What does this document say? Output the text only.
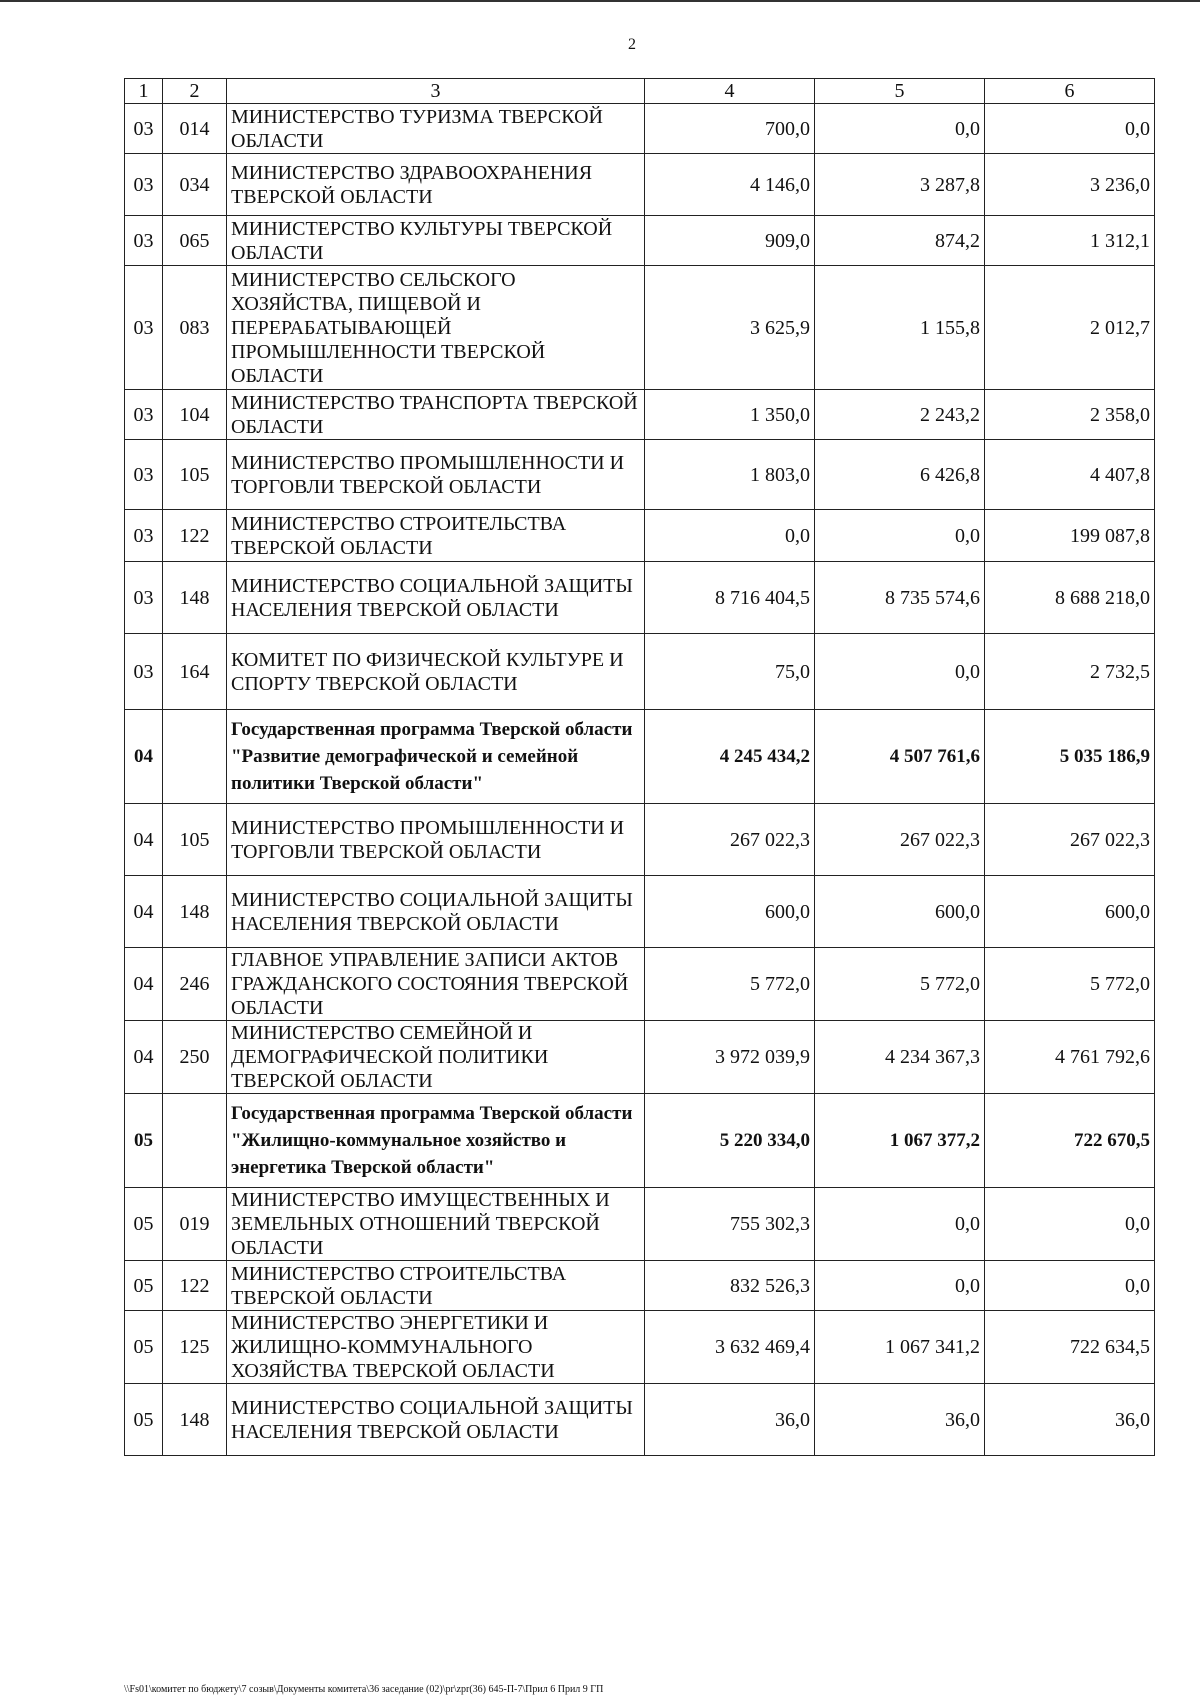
2
1	2	3	4	5	6
03	014	МИНИСТЕРСТВО ТУРИЗМА ТВЕРСКОЙ ОБЛАСТИ	700,0	0,0	0,0
03	034	МИНИСТЕРСТВО ЗДРАВООХРАНЕНИЯ ТВЕРСКОЙ ОБЛАСТИ	4 146,0	3 287,8	3 236,0
03	065	МИНИСТЕРСТВО КУЛЬТУРЫ ТВЕРСКОЙ ОБЛАСТИ	909,0	874,2	1 312,1
03	083	МИНИСТЕРСТВО СЕЛЬСКОГО ХОЗЯЙСТВА, ПИЩЕВОЙ И ПЕРЕРАБАТЫВАЮЩЕЙ ПРОМЫШЛЕННОСТИ ТВЕРСКОЙ ОБЛАСТИ	3 625,9	1 155,8	2 012,7
03	104	МИНИСТЕРСТВО ТРАНСПОРТА ТВЕРСКОЙ ОБЛАСТИ	1 350,0	2 243,2	2 358,0
03	105	МИНИСТЕРСТВО ПРОМЫШЛЕННОСТИ И ТОРГОВЛИ ТВЕРСКОЙ ОБЛАСТИ	1 803,0	6 426,8	4 407,8
03	122	МИНИСТЕРСТВО СТРОИТЕЛЬСТВА ТВЕРСКОЙ ОБЛАСТИ	0,0	0,0	199 087,8
03	148	МИНИСТЕРСТВО СОЦИАЛЬНОЙ ЗАЩИТЫ НАСЕЛЕНИЯ ТВЕРСКОЙ ОБЛАСТИ	8 716 404,5	8 735 574,6	8 688 218,0
03	164	КОМИТЕТ ПО ФИЗИЧЕСКОЙ КУЛЬТУРЕ И СПОРТУ ТВЕРСКОЙ ОБЛАСТИ	75,0	0,0	2 732,5
04		Государственная программа Тверской области "Развитие демографической и семейной политики Тверской области"	4 245 434,2	4 507 761,6	5 035 186,9
04	105	МИНИСТЕРСТВО ПРОМЫШЛЕННОСТИ И ТОРГОВЛИ ТВЕРСКОЙ ОБЛАСТИ	267 022,3	267 022,3	267 022,3
04	148	МИНИСТЕРСТВО СОЦИАЛЬНОЙ ЗАЩИТЫ НАСЕЛЕНИЯ ТВЕРСКОЙ ОБЛАСТИ	600,0	600,0	600,0
04	246	ГЛАВНОЕ УПРАВЛЕНИЕ ЗАПИСИ АКТОВ ГРАЖДАНСКОГО СОСТОЯНИЯ ТВЕРСКОЙ ОБЛАСТИ	5 772,0	5 772,0	5 772,0
04	250	МИНИСТЕРСТВО СЕМЕЙНОЙ И ДЕМОГРАФИЧЕСКОЙ ПОЛИТИКИ ТВЕРСКОЙ ОБЛАСТИ	3 972 039,9	4 234 367,3	4 761 792,6
05		Государственная программа Тверской области "Жилищно-коммунальное хозяйство и энергетика Тверской области"	5 220 334,0	1 067 377,2	722 670,5
05	019	МИНИСТЕРСТВО ИМУЩЕСТВЕННЫХ И ЗЕМЕЛЬНЫХ ОТНОШЕНИЙ ТВЕРСКОЙ ОБЛАСТИ	755 302,3	0,0	0,0
05	122	МИНИСТЕРСТВО СТРОИТЕЛЬСТВА ТВЕРСКОЙ ОБЛАСТИ	832 526,3	0,0	0,0
05	125	МИНИСТЕРСТВО ЭНЕРГЕТИКИ И ЖИЛИЩНО-КОММУНАЛЬНОГО ХОЗЯЙСТВА ТВЕРСКОЙ ОБЛАСТИ	3 632 469,4	1 067 341,2	722 634,5
05	148	МИНИСТЕРСТВО СОЦИАЛЬНОЙ ЗАЩИТЫ НАСЕЛЕНИЯ ТВЕРСКОЙ ОБЛАСТИ	36,0	36,0	36,0
\\Fs01\комитет по бюджету\7 созыв\Документы комитета\36 заседание (02)\pr\zpr(36) 645-П-7\Прил 6 Прил 9 ГП
